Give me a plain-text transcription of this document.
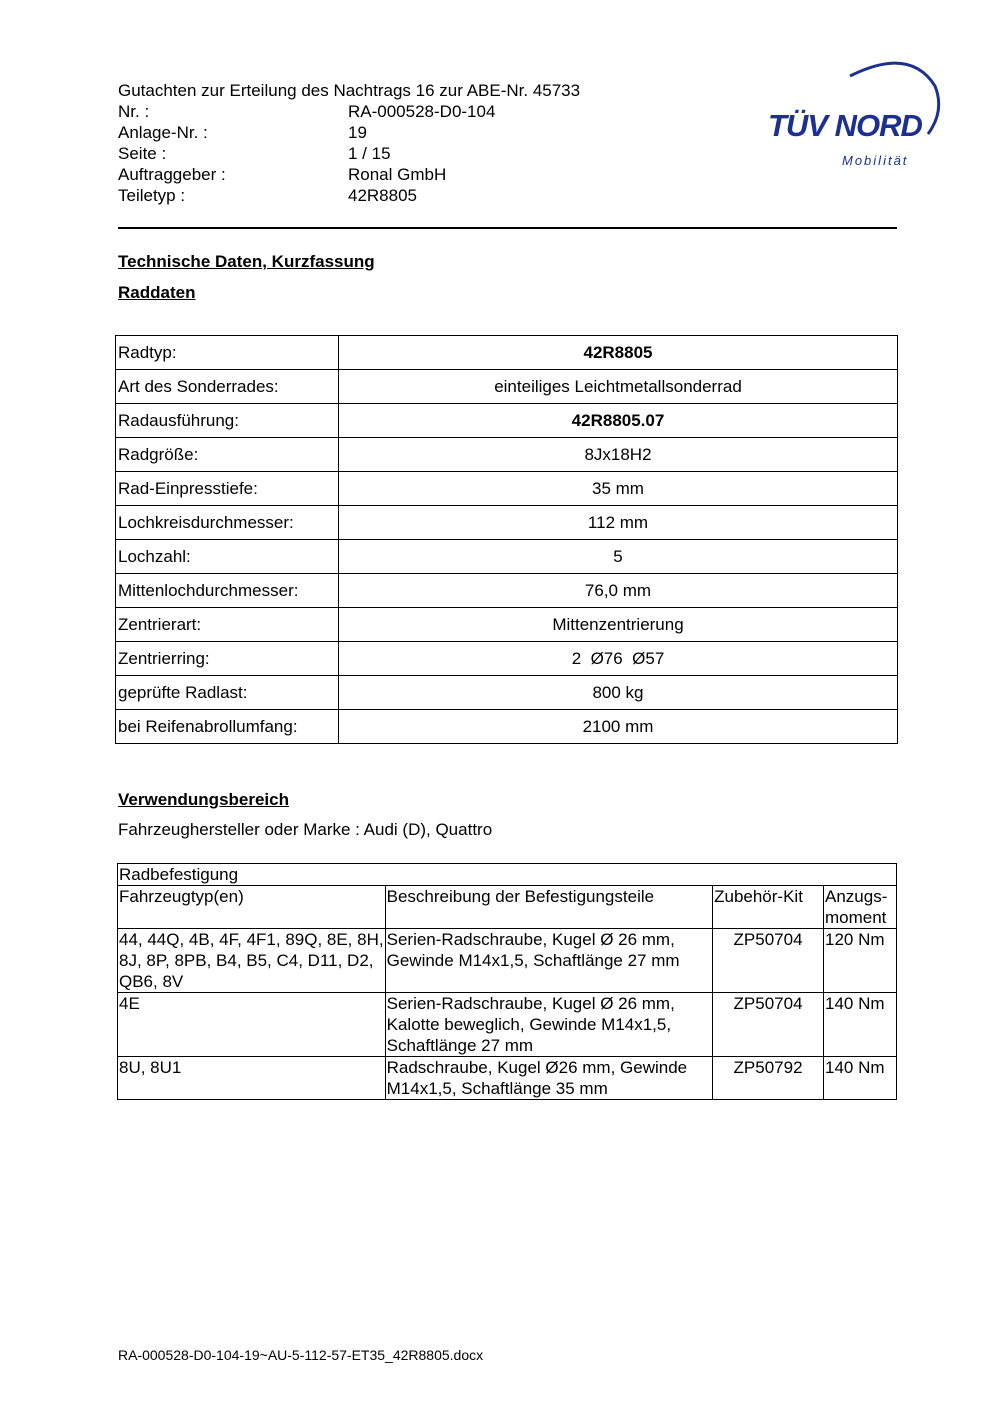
Gutachten zur Erteilung des Nachtrags 16 zur ABE-Nr. 45733
Nr. :	RA-000528-D0-104
Anlage-Nr. :	19
Seite :	1 / 15
Auftraggeber :	Ronal GmbH
Teiletyp :	42R8805
TÜV NORD
Mobilität
Technische Daten, Kurzfassung
Raddaten
Radtyp:	42R8805
Art des Sonderrades:	einteiliges Leichtmetallsonderrad
Radausführung:	42R8805.07
Radgröße:	8Jx18H2
Rad-Einpresstiefe:	35 mm
Lochkreisdurchmesser:	112 mm
Lochzahl:	5
Mittenlochdurchmesser:	76,0 mm
Zentrierart:	Mittenzentrierung
Zentrierring:	2  Ø76  Ø57
geprüfte Radlast:	800 kg
bei Reifenabrollumfang:	2100 mm
Verwendungsbereich
Fahrzeughersteller oder Marke : Audi (D), Quattro
Radbefestigung			
Fahrzeugtyp(en)	Beschreibung der Befestigungsteile	Zubehör-Kit	Anzugs-
moment
44, 44Q, 4B, 4F, 4F1, 89Q, 8E, 8H, 8J, 8P, 8PB, B4, B5, C4, D11, D2, QB6, 8V	Serien-Radschraube, Kugel Ø 26 mm, Gewinde M14x1,5, Schaftlänge 27 mm	ZP50704	120 Nm
4E	Serien-Radschraube, Kugel Ø 26 mm, Kalotte beweglich, Gewinde M14x1,5, Schaftlänge 27 mm	ZP50704	140 Nm
8U, 8U1	Radschraube, Kugel Ø26 mm, Gewinde M14x1,5, Schaftlänge 35 mm	ZP50792	140 Nm
RA-000528-D0-104-19~AU-5-112-57-ET35_42R8805.docx
